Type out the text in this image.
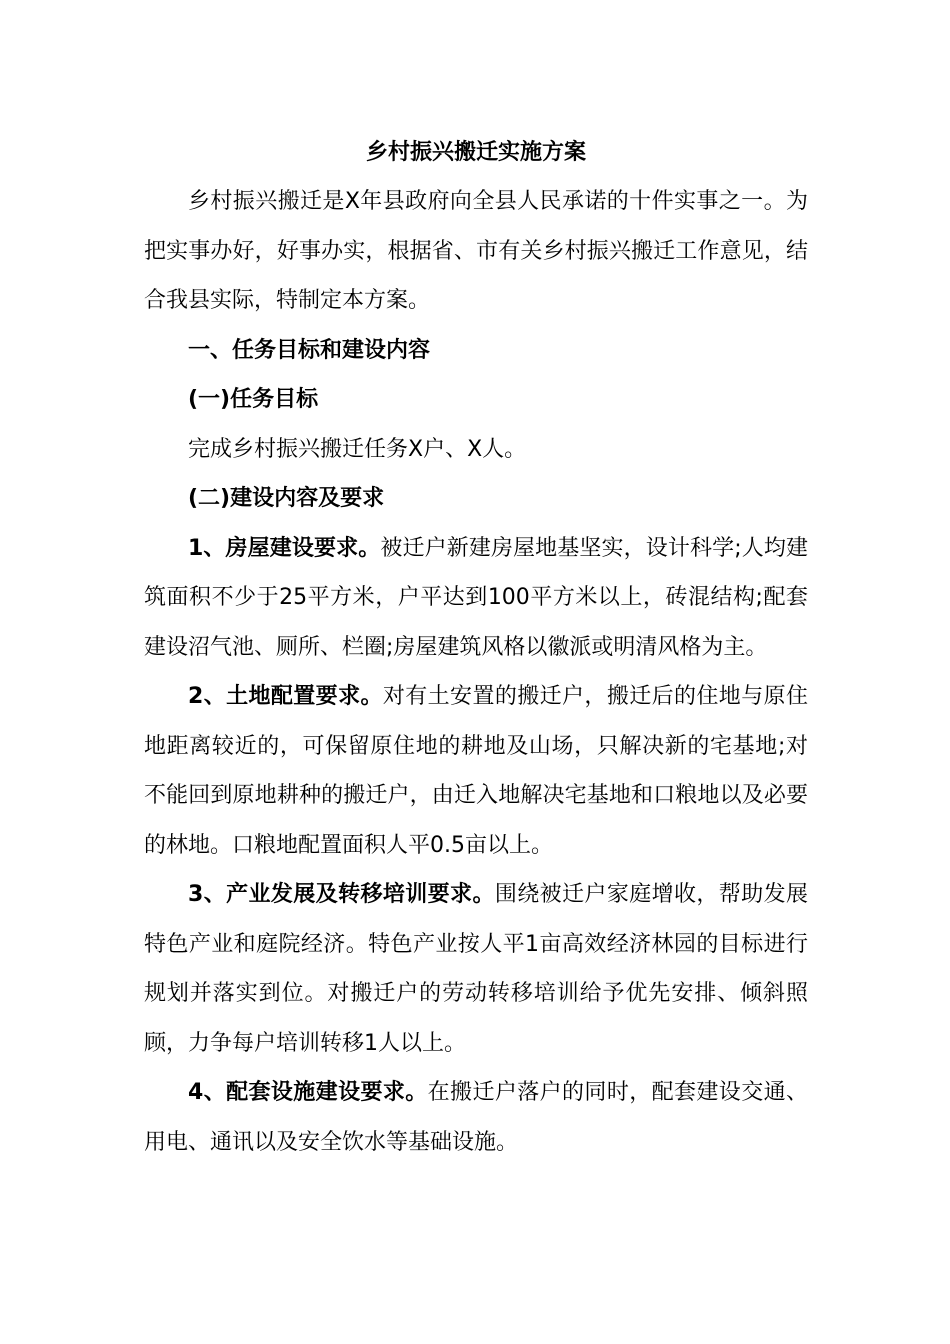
乡村振兴搬迁实施方案

乡村振兴搬迁是X年县政府向全县人民承诺的十件实事之一。为把实事办好，好事办实，根据省、市有关乡村振兴搬迁工作意见，结合我县实际，特制定本方案。

一、任务目标和建设内容

(一)任务目标

完成乡村振兴搬迁任务X户、X人。

(二)建设内容及要求

1、房屋建设要求。被迁户新建房屋地基坚实，设计科学;人均建筑面积不少于25平方米，户平达到100平方米以上，砖混结构;配套建设沼气池、厕所、栏圈;房屋建筑风格以徽派或明清风格为主。

2、土地配置要求。对有土安置的搬迁户，搬迁后的住地与原住地距离较近的，可保留原住地的耕地及山场，只解决新的宅基地;对不能回到原地耕种的搬迁户，由迁入地解决宅基地和口粮地以及必要的林地。口粮地配置面积人平0.5亩以上。

3、产业发展及转移培训要求。围绕被迁户家庭增收，帮助发展特色产业和庭院经济。特色产业按人平1亩高效经济林园的目标进行规划并落实到位。对搬迁户的劳动转移培训给予优先安排、倾斜照顾，力争每户培训转移1人以上。

4、配套设施建设要求。在搬迁户落户的同时，配套建设交通、用电、通讯以及安全饮水等基础设施。
